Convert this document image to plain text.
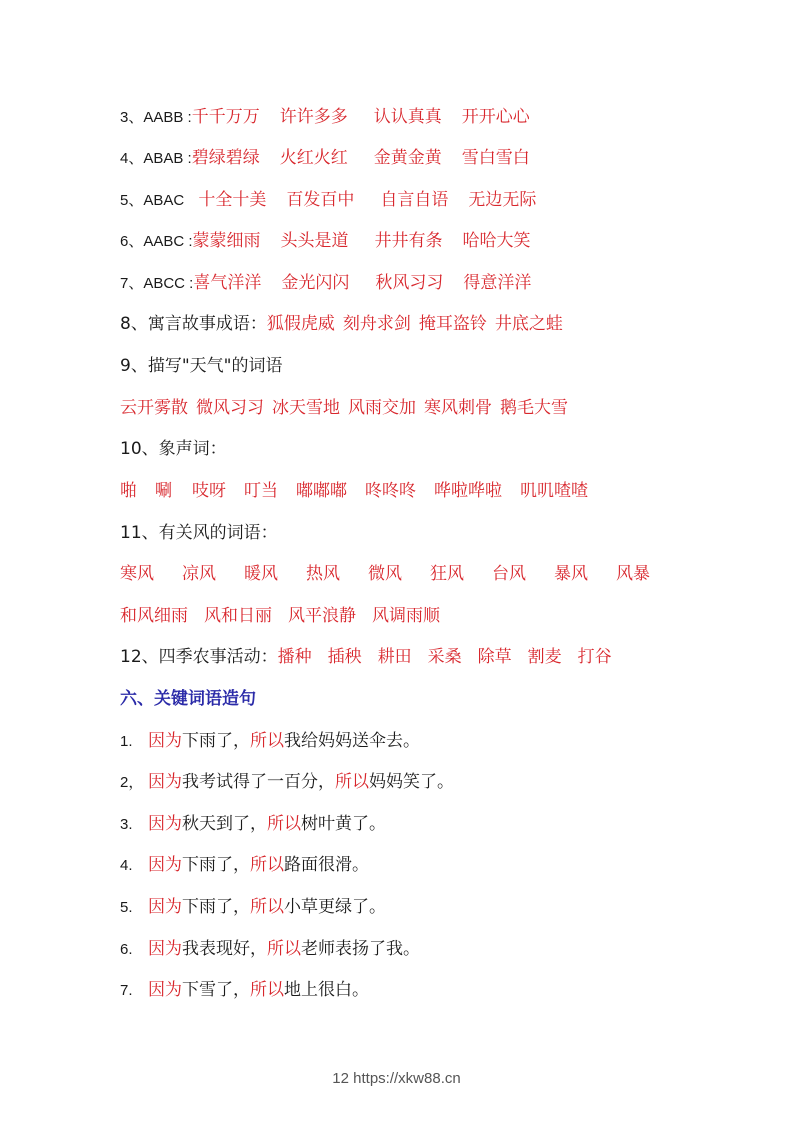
3、AABB :千千万万 许许多多 认认真真 开开心心
4、ABAB :碧绿碧绿 火红火红 金黄金黄 雪白雪白
5、ABAC 十全十美 百发百中 自言自语 无边无际
6、AABC :蒙蒙细雨 头头是道 井井有条 哈哈大笑
7、ABCC :喜气洋洋 金光闪闪 秋风习习 得意洋洋
8、寓言故事成语：狐假虎威 刻舟求剑 掩耳盗铃 井底之蛙
9、描写"天气"的词语
云开雾散 微风习习 冰天雪地 风雨交加 寒风刺骨 鹅毛大雪
10、象声词：
啪 唰 吱呀 叮当 嘟嘟嘟 咚咚咚 哗啦哗啦 叽叽喳喳
11、有关风的词语：
寒风 凉风 暖风 热风 微风 狂风 台风 暴风 风暴
和风细雨 风和日丽 风平浪静 风调雨顺
12、四季农事活动：播种 插秧 耕田 采桑 除草 割麦 打谷
六、关键词语造句
1. 因为下雨了，所以我给妈妈送伞去。
2， 因为我考试得了一百分，所以妈妈笑了。
3. 因为秋天到了，所以树叶黄了。
4. 因为下雨了，所以路面很滑。
5. 因为下雨了，所以小草更绿了。
6. 因为我表现好，所以老师表扬了我。
7. 因为下雪了，所以地上很白。
12 https://xkw88.cn
